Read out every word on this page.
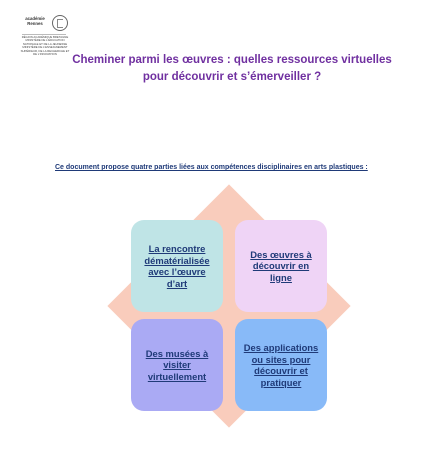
académie Rennes
RÉGION ACADÉMIQUE BRETAGNE
MINISTÈRE DE L'ÉDUCATION NATIONALE ET DE LA JEUNESSE MINISTÈRE DE L'ENSEIGNEMENT SUPÉRIEUR, DE LA RECHERCHE ET DE L'INNOVATION	Cheminer parmi les œuvres : quelles ressources virtuelles pour découvrir et s’émerveiller ?
Ce document propose quatre parties liées aux compétences disciplinaires en arts plastiques :
La rencontre dématérialisée avec l’œuvre d’art
Des œuvres à découvrir en ligne
Des musées à visiter virtuellement
Des applications ou sites pour découvrir et pratiquer
